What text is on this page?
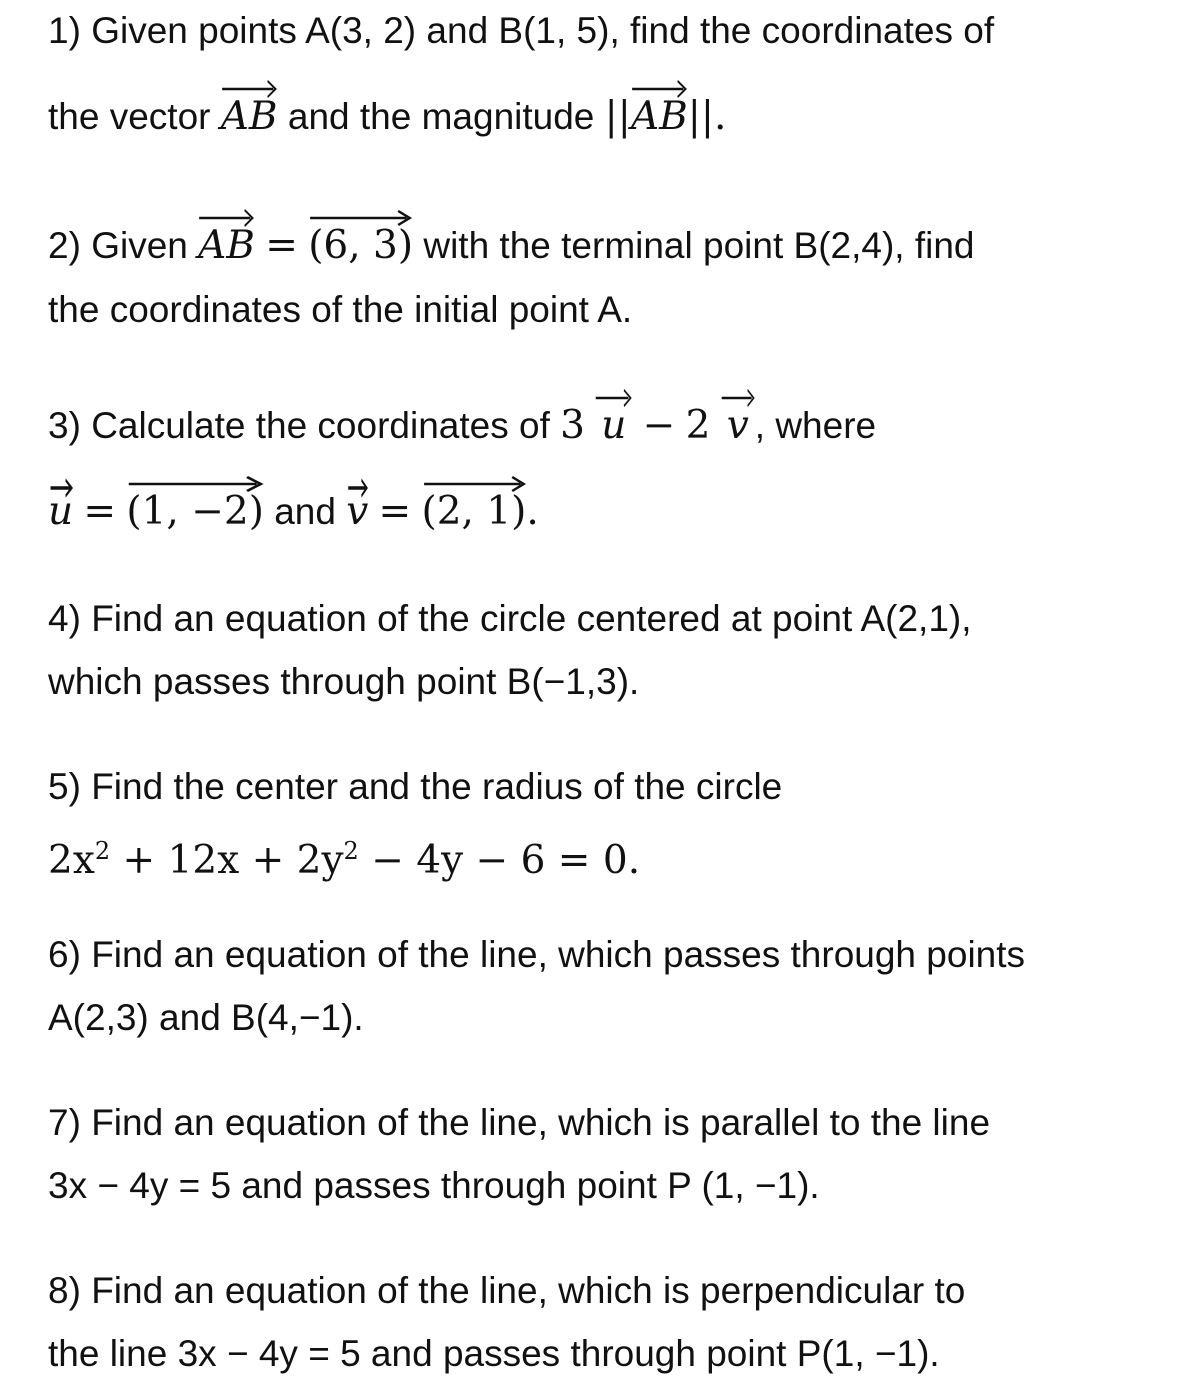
1) Given points A(3, 2) and B(1, 5), find the coordinates of
the vector AB and the magnitude ||
AB||.
2) Given AB = (6, 3) with the terminal point B(2,4), find
the coordinates of the initial point A.
3) Calculate the coordinates of 3 u − 2 v , where
u = (1, −2) and v = (2, 1).
4) Find an equation of the circle centered at point A(2,1),
which passes through point B(−1,3).
5) Find the center and the radius of the circle
$2x^2 + 12x + 2y^2 - 4y - 6 = 0$.
6) Find an equation of the line, which passes through points
A(2,3) and B(4,−1).
7) Find an equation of the line, which is parallel to the line
3x − 4y = 5 and passes through point P (1, −1).
8) Find an equation of the line, which is perpendicular to
the line 3x − 4y = 5 and passes through point P(1, −1).
